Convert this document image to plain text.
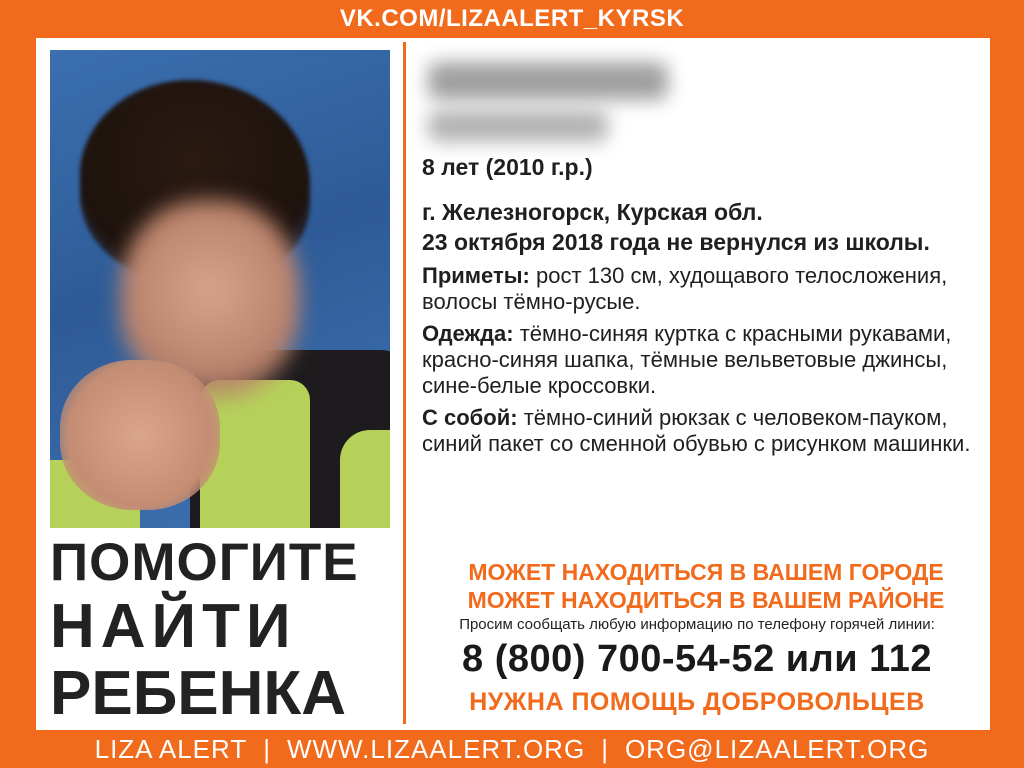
VK.COM/LIZAALERT_KYRSK
ПОМОГИТЕ
НАЙТИ
РЕБЕНКА
8 лет (2010 г.р.)
г. Железногорск, Курская обл.
23 октября 2018 года не вернулся из школы.
Приметы: рост 130 см, худощавого телосложения, волосы тёмно-русые.
Одежда: тёмно-синяя куртка с красными рукавами, красно-синяя шапка, тёмные вельветовые джинсы, сине-белые кроссовки.
С собой: тёмно-синий рюкзак с человеком-пауком, синий пакет со сменной обувью с рисунком машинки.
МОЖЕТ НАХОДИТЬСЯ В ВАШЕМ ГОРОДЕ
МОЖЕТ НАХОДИТЬСЯ В ВАШЕМ РАЙОНЕ
Просим сообщать любую информацию по телефону горячей линии:
8 (800) 700-54-52 или 112
НУЖНА ПОМОЩЬ ДОБРОВОЛЬЦЕВ
LIZA ALERT | WWW.LIZAALERT.ORG | ORG@LIZAALERT.ORG
